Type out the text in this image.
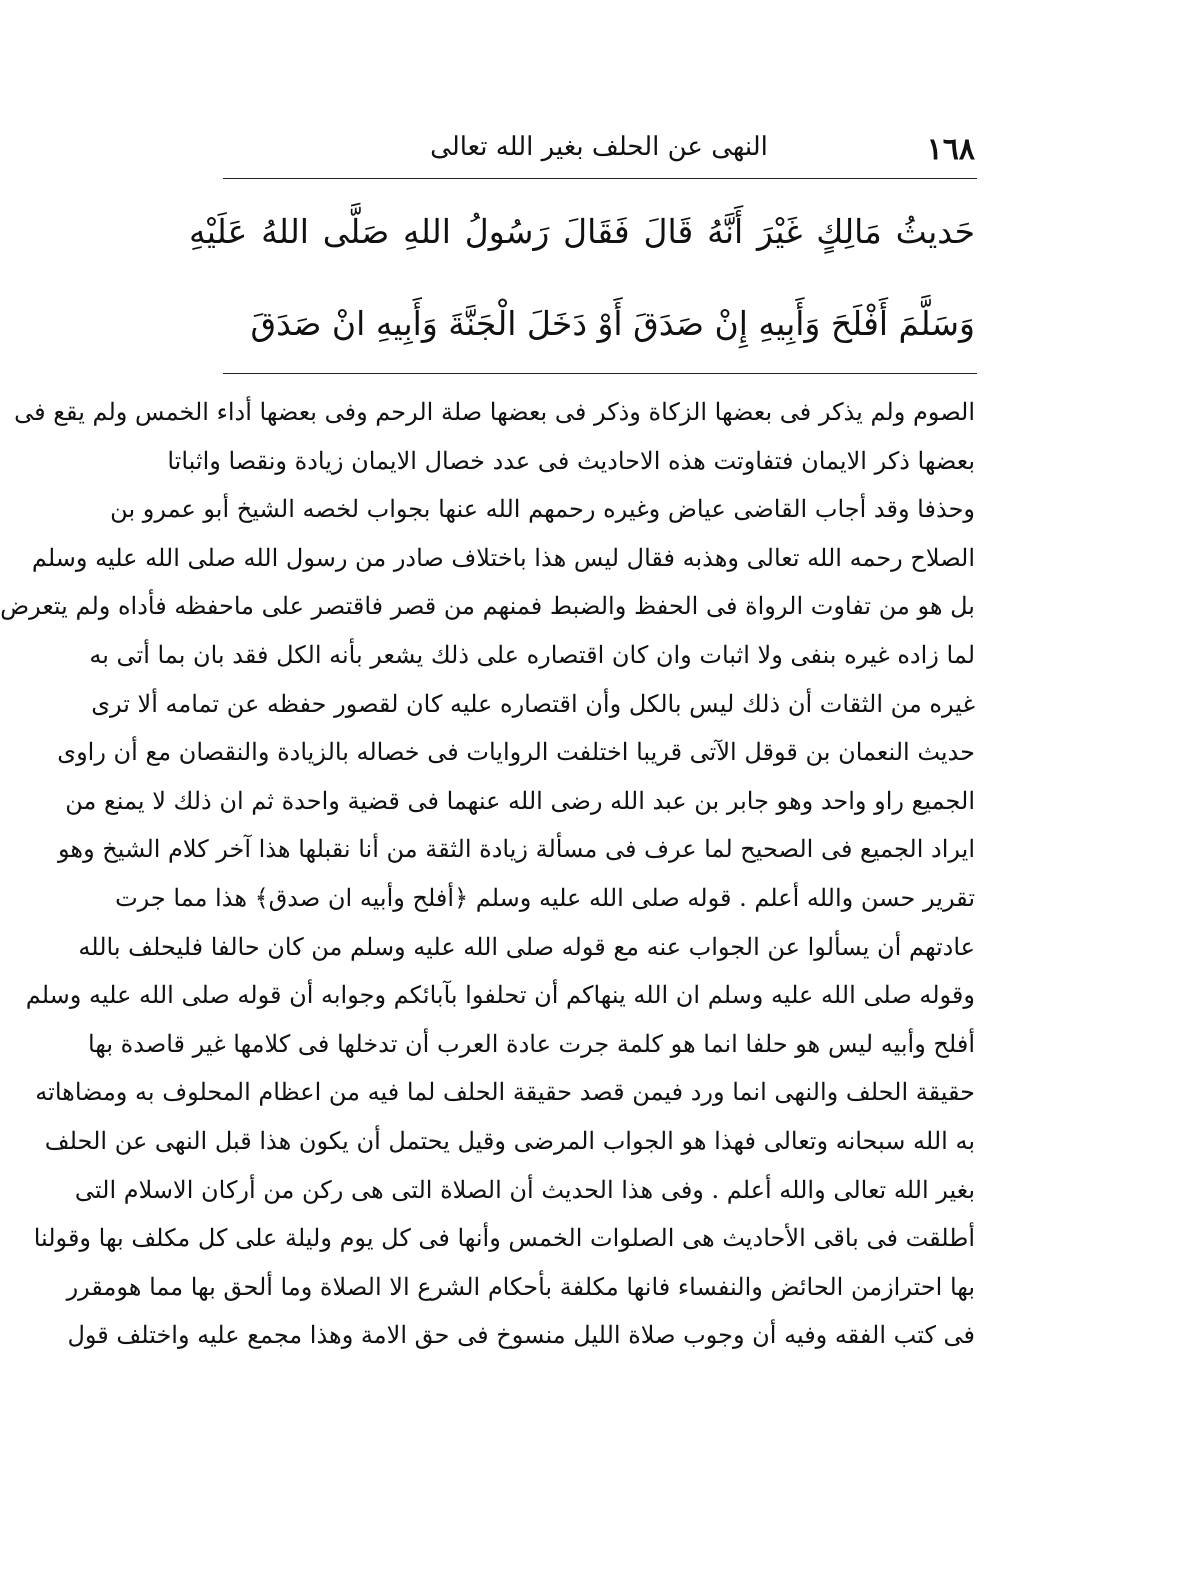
١٦٨
النهى عن الحلف بغير الله تعالى

حَديثُ مَالِكٍ غَيْرَ أَنَّهُ قَالَ فَقَالَ رَسُولُ اللهِ صَلَّى اللهُ عَلَيْهِ وَسَلَّمَ أَفْلَحَ وَأَبِيهِ إِنْ صَدَقَ أَوْ دَخَلَ الْجَنَّةَ وَأَبِيهِ انْ صَدَقَ

الصوم ولم يذكر فى بعضها الزكاة وذكر فى بعضها صلة الرحم وفى بعضها أداء الخمس ولم يقع فى
بعضها ذكر الايمان فتفاوتت هذه الاحاديث فى عدد خصال الايمان زيادة ونقصا واثباتا
وحذفا وقد أجاب القاضى عياض وغيره رحمهم الله عنها بجواب لخصه الشيخ أبو عمرو بن
الصلاح رحمه الله تعالى وهذبه فقال ليس هذا باختلاف صادر من رسول الله صلى الله عليه وسلم
بل هو من تفاوت الرواة فى الحفظ والضبط فمنهم من قصر فاقتصر على ماحفظه فأداه ولم يتعرض
لما زاده غيره بنفى ولا اثبات وان كان اقتصاره على ذلك يشعر بأنه الكل فقد بان بما أتى به
غيره من الثقات أن ذلك ليس بالكل وأن اقتصاره عليه كان لقصور حفظه عن تمامه ألا ترى
حديث النعمان بن قوقل الآتى قريبا اختلفت الروايات فى خصاله بالزيادة والنقصان مع أن راوى
الجميع راو واحد وهو جابر بن عبد الله رضى الله عنهما فى قضية واحدة ثم ان ذلك لا يمنع من
ايراد الجميع فى الصحيح لما عرف فى مسألة زيادة الثقة من أنا نقبلها هذا آخر كلام الشيخ وهو
تقرير حسن والله أعلم . قوله صلى الله عليه وسلم ﴿أفلح وأبيه ان صدق﴾ هذا مما جرت
عادتهم أن يسألوا عن الجواب عنه مع قوله صلى الله عليه وسلم من كان حالفا فليحلف بالله
وقوله صلى الله عليه وسلم ان الله ينهاكم أن تحلفوا بآبائكم وجوابه أن قوله صلى الله عليه وسلم
أفلح وأبيه ليس هو حلفا انما هو كلمة جرت عادة العرب أن تدخلها فى كلامها غير قاصدة بها
حقيقة الحلف والنهى انما ورد فيمن قصد حقيقة الحلف لما فيه من اعظام المحلوف به ومضاهاته
به الله سبحانه وتعالى فهذا هو الجواب المرضى وقيل يحتمل أن يكون هذا قبل النهى عن الحلف
بغير الله تعالى والله أعلم . وفى هذا الحديث أن الصلاة التى هى ركن من أركان الاسلام التى
أطلقت فى باقى الأحاديث هى الصلوات الخمس وأنها فى كل يوم وليلة على كل مكلف بها وقولنا
بها احترازمن الحائض والنفساء فانها مكلفة بأحكام الشرع الا الصلاة وما ألحق بها مما هومقرر
فى كتب الفقه وفيه أن وجوب صلاة الليل منسوخ فى حق الامة وهذا مجمع عليه واختلف قول
